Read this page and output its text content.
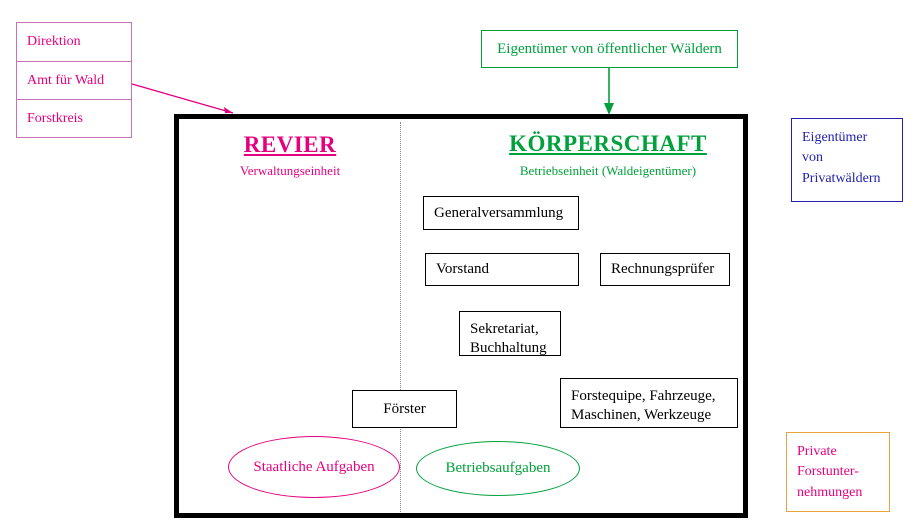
Direktion
Amt für Wald
Forstkreis
Eigentümer von öffentlicher Wäldern
Eigentümer
von
Privatwäldern
Private
Forstunter-
nehmungen
REVIER
Verwaltungseinheit
KÖRPERSCHAFT
Betriebseinheit (Waldeigentümer)
Generalversammlung
Vorstand	Rechnungsprüfer
Sekretariat,
Buchhaltung
Förster
Forstequipe, Fahrzeuge,
Maschinen, Werkzeuge
Staatliche Aufgaben	Betriebsaufgaben
